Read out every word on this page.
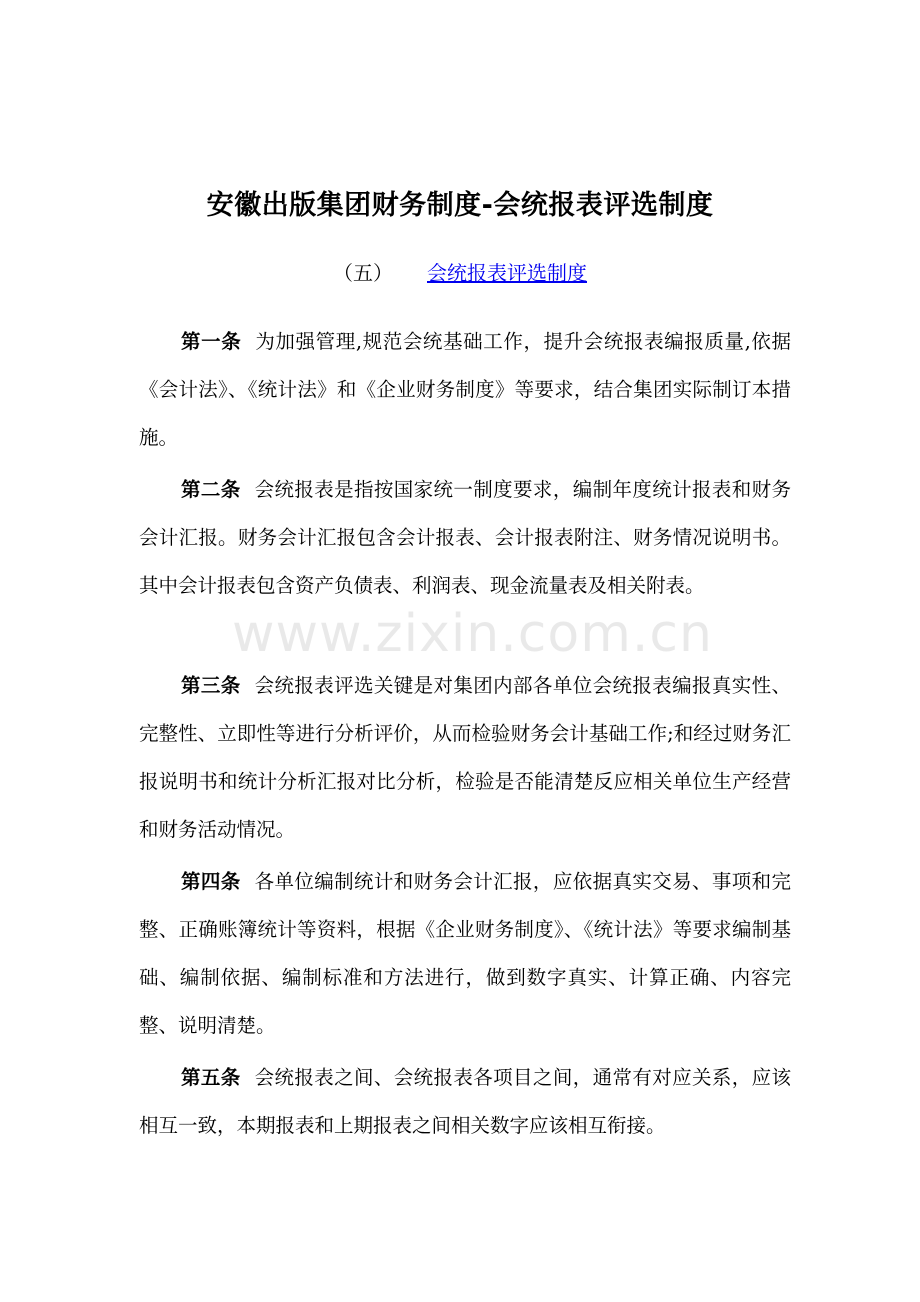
安徽出版集团财务制度-会统报表评选制度
（五） 会统报表评选制度
第一条 为加强管理,规范会统基础工作，提升会统报表编报质量,依据《会计法》、《统计法》和《企业财务制度》等要求，结合集团实际制订本措施。
第二条 会统报表是指按国家统一制度要求，编制年度统计报表和财务会计汇报。财务会计汇报包含会计报表、会计报表附注、财务情况说明书。其中会计报表包含资产负债表、利润表、现金流量表及相关附表。
第三条 会统报表评选关键是对集团内部各单位会统报表编报真实性、完整性、立即性等进行分析评价，从而检验财务会计基础工作;和经过财务汇报说明书和统计分析汇报对比分析，检验是否能清楚反应相关单位生产经营和财务活动情况。
第四条 各单位编制统计和财务会计汇报，应依据真实交易、事项和完整、正确账簿统计等资料，根据《企业财务制度》、《统计法》等要求编制基础、编制依据、编制标准和方法进行，做到数字真实、计算正确、内容完整、说明清楚。
第五条 会统报表之间、会统报表各项目之间，通常有对应关系，应该相互一致，本期报表和上期报表之间相关数字应该相互衔接。
www.zixin.com.cn
